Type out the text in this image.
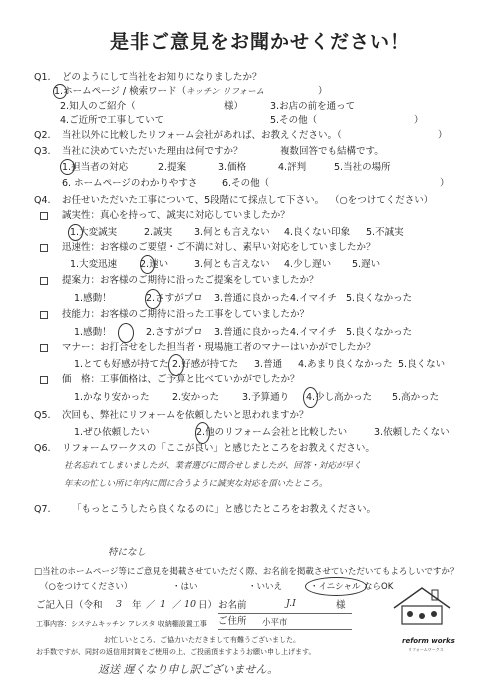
是非ご意見をお聞かせください！
Q1. どのようにして当社をお知りになりましたか？
1.ホームページ / 検索ワード（ キッチン リフォーム	）
2.知人のご紹介（	様）	3.お店の前を通って
4.ご近所で工事していて	5.その他（	）
Q2. 当社以外に比較したリフォーム会社があれば、お教えください。（	）
Q3. 当社に決めていただいた理由は何ですか？	複数回答でも結構です。
1.担当者の対応	2.提案	3.価格	4.評判	5.当社の場所
6. ホームページのわかりやすさ	6.その他（	）
Q4. お任せいただいた工事について、5段階にて採点して下さい。 （○をつけてください）
誠実性：真心を持って、誠実に対応していましたか？
1.大変誠実	2.誠実 3.何とも言えない 4.良くない印象 5.不誠実
迅速性：お客様のご要望・ご不満に対し、素早い対応をしていましたか？
1.大変迅速 2.速い	3.何とも言えない 4.少し遅い 5.遅い
提案力：お客様のご期待に沿ったご提案をしていましたか？
1.感動！	2.さすがプロ 3.普通に良かった 4.イマイチ 5.良くなかった
技能力：お客様のご期待に沿った工事をしていましたか？
1.感動！	2.さすがプロ 3.普通に良かった 4.イマイチ 5.良くなかった
マナー：お打合せをした担当者・現場施工者のマナーはいかがでしたか？
1.とても好感が持てた 2.好感が持てた 3.普通 4.あまり良くなかった 5.良くない
価　格：工事価格は、ご予算と比べていかがでしたか？
1.かなり安かった 2.安かった 3.予算通り 4.少し高かった 5.高かった
Q5. 次回も、弊社にリフォームを依頼したいと思われますか？
1.ぜひ依頼したい	2.他のリフォーム会社と比較したい	3.依頼したくない
Q6. リフォームワークスの「ここが良い」と感じたところをお教えください。
社名忘れてしまいましたが、業者選びに間合せしましたが、回答・対応が早く
年末の忙しい所に年内に間に合うように誠実な対応を頂いたところ。
Q7. 「もっとこうしたら良くなるのに」と感じたところをお教えください。
特になし
□当社のホームページ等にご意見を掲載させていただく際、お名前を掲載させていただいてもよろしいですか？
（○をつけてください）	・はい	・いいえ	・イニシャル ならOK
ご記入日（令和 3 年 ／ 1 ／ 10 日） お名前	J.I	様
工事内容：システムキッチン アレスタ 収納棚設置工事 ご住所 小平市
お忙しいところ、ご協力いただきまして有難うございました。
お手数ですが、同封の返信用封筒をご使用の上、ご投函頂ますようお願い申し上げます。
返送 遅くなり申し訳ございません。
reform works
リフォームワークス
